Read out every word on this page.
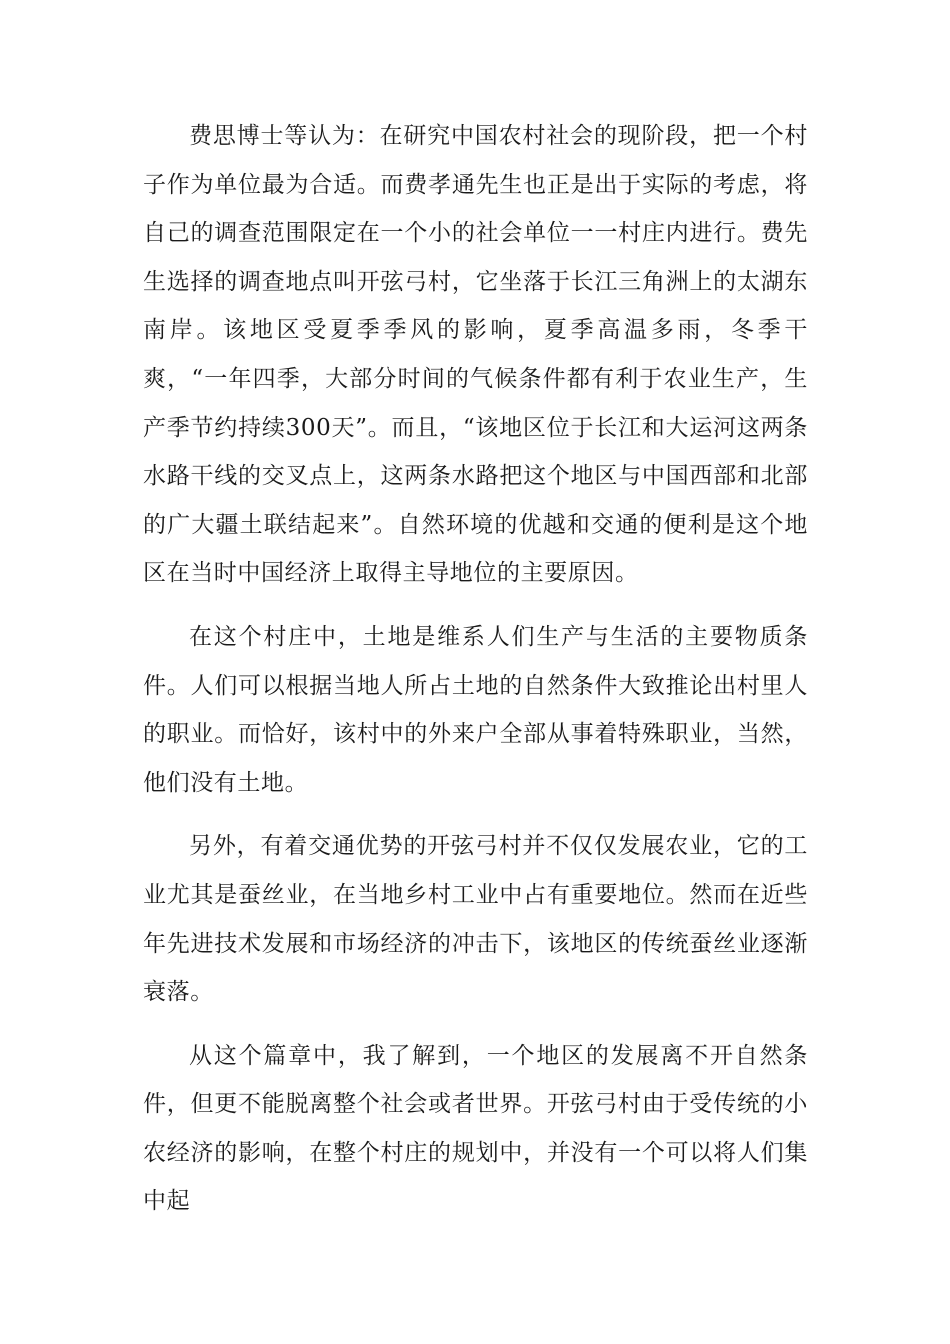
费思博士等认为：在研究中国农村社会的现阶段，把一个村子作为单位最为合适。而费孝通先生也正是出于实际的考虑，将自己的调查范围限定在一个小的社会单位一一村庄内进行。费先生选择的调查地点叫开弦弓村，它坐落于长江三角洲上的太湖东南岸。该地区受夏季季风的影响，夏季高温多雨，冬季干爽，“一年四季，大部分时间的气候条件都有利于农业生产，生产季节约持续300天”。而且，“该地区位于长江和大运河这两条水路干线的交叉点上，这两条水路把这个地区与中国西部和北部的广大疆土联结起来”。自然环境的优越和交通的便利是这个地区在当时中国经济上取得主导地位的主要原因。

在这个村庄中，土地是维系人们生产与生活的主要物质条件。人们可以根据当地人所占土地的自然条件大致推论出村里人的职业。而恰好，该村中的外来户全部从事着特殊职业，当然，他们没有土地。

另外，有着交通优势的开弦弓村并不仅仅发展农业，它的工业尤其是蚕丝业，在当地乡村工业中占有重要地位。然而在近些年先进技术发展和市场经济的冲击下，该地区的传统蚕丝业逐渐衰落。

从这个篇章中，我了解到，一个地区的发展离不开自然条件，但更不能脱离整个社会或者世界。开弦弓村由于受传统的小农经济的影响，在整个村庄的规划中，并没有一个可以将人们集中起
